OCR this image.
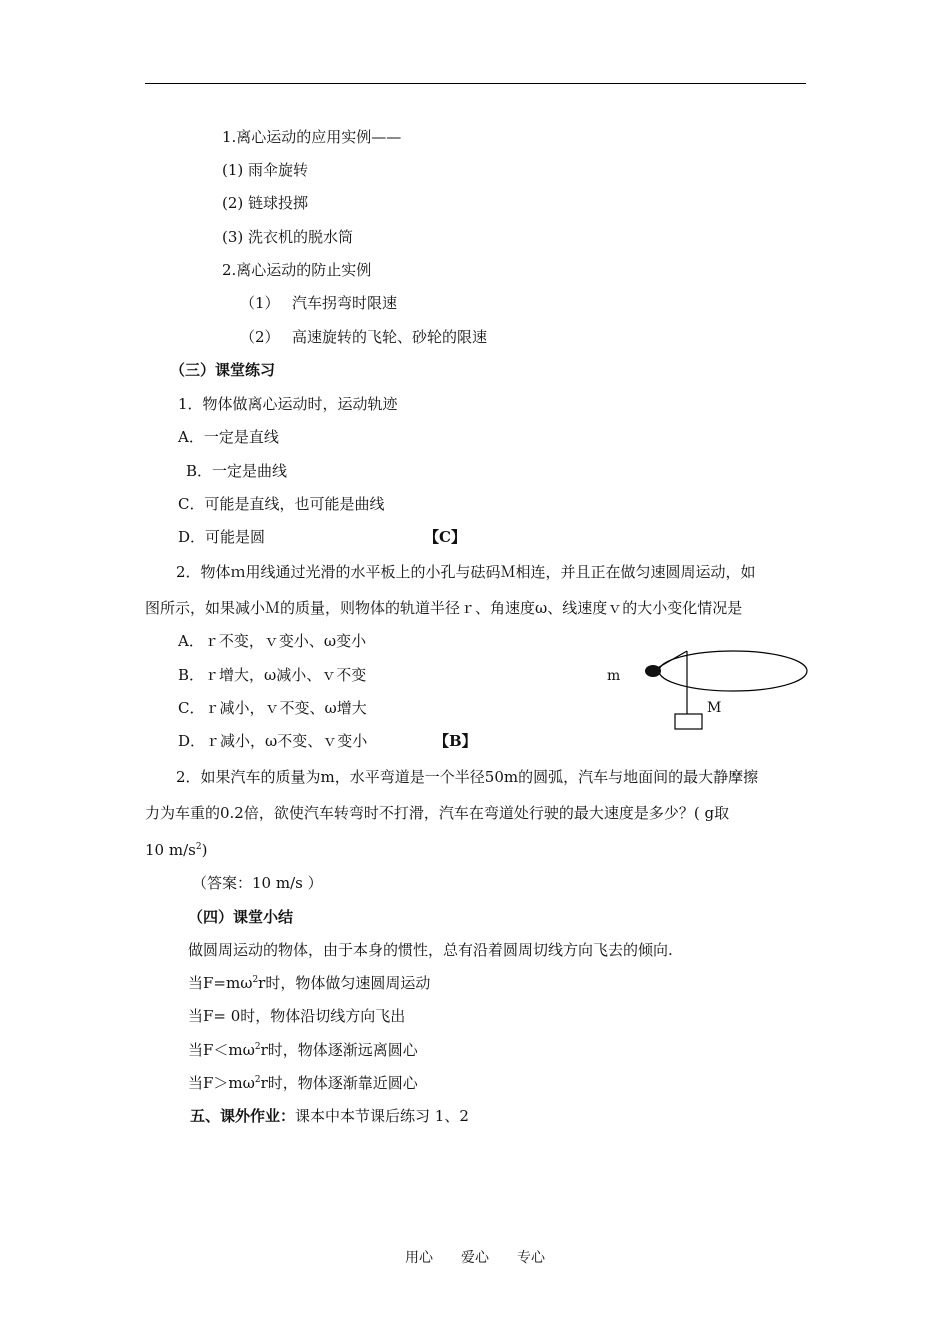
1.离心运动的应用实例——
(1) 雨伞旋转
(2) 链球投掷
(3) 洗衣机的脱水筒
2.离心运动的防止实例
（1） 汽车拐弯时限速
（2） 高速旋转的飞轮、砂轮的限速
（三）课堂练习
1．物体做离心运动时，运动轨迹
A．一定是直线
B．一定是曲线
C．可能是直线，也可能是曲线
D．可能是圆	【C】
2．物体ｍ用线通过光滑的水平板上的小孔与砝码Ｍ相连，并且正在做匀速圆周运动，如
图所示，如果减小Ｍ的质量，则物体的轨道半径ｒ、角速度ω、线速度ｖ的大小变化情况是
A．ｒ不变，ｖ变小、ω变小
B．ｒ增大，ω减小、ｖ不变
C．ｒ减小，ｖ不变、ω增大
D．ｒ减小，ω不变、ｖ变小	【B】
m
M
2．如果汽车的质量为m，水平弯道是一个半径50m的圆弧，汽车与地面间的最大静摩擦
力为车重的0.2倍，欲使汽车转弯时不打滑，汽车在弯道处行驶的最大速度是多少？( g取
10 $m/s^2$)
（答案：10 m/s ）
（四）课堂小结
做圆周运动的物体，由于本身的惯性，总有沿着圆周切线方向飞去的倾向.
当$F=m\omega^2r$时，物体做匀速圆周运动
当F= 0时，物体沿切线方向飞出
当$F<m\omega^2r$时，物体逐渐远离圆心
当$F>m\omega^2r$时，物体逐渐靠近圆心
五、课外作业：课本中本节课后练习 1、2
用心　　爱心　　专心
